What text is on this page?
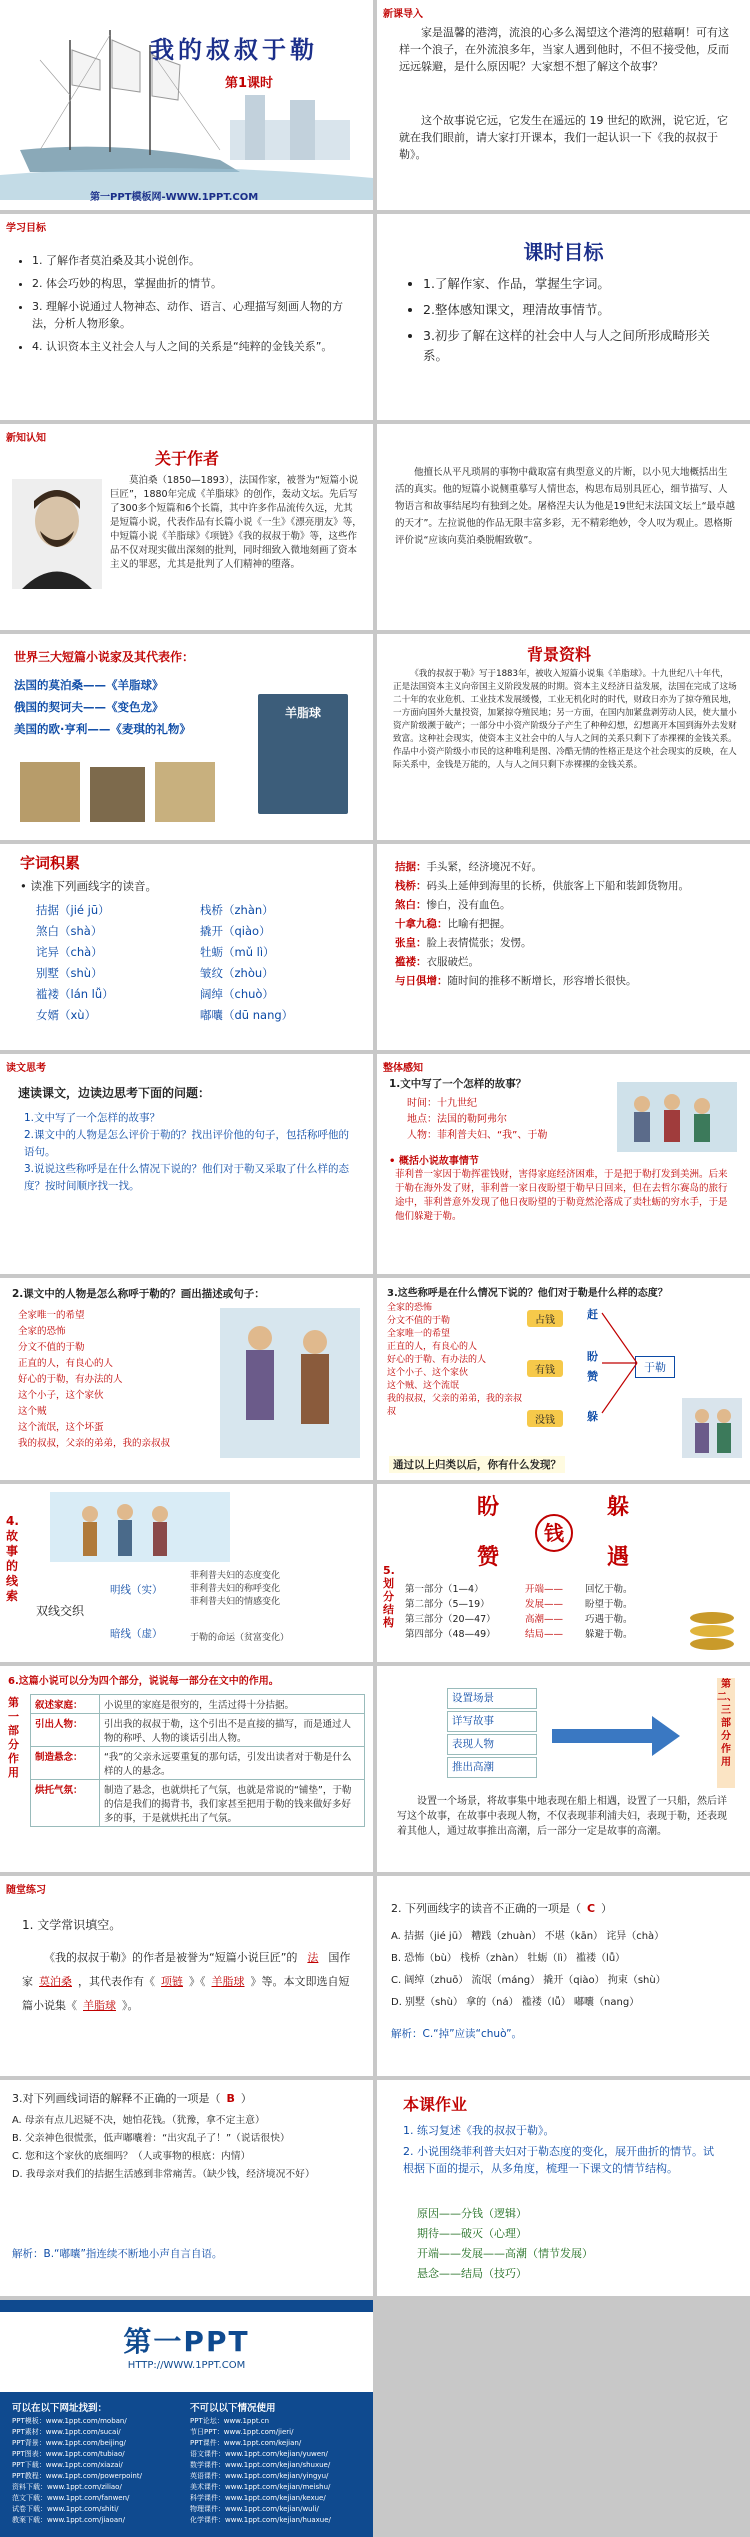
我的叔叔于勒
第1课时
第一PPT模板网-WWW.1PPT.COM
新课导入
家是温馨的港湾，流浪的心多么渴望这个港湾的慰藉啊！可有这样一个浪子，在外流浪多年，当家人遇到他时，不但不接受他，反而远远躲避，是什么原因呢？大家想不想了解这个故事？
这个故事说它远，它发生在遥远的 19 世纪的欧洲，说它近，它就在我们眼前，请大家打开课本，我们一起认识一下《我的叔叔于勒》。
学习目标
• 1. 了解作者莫泊桑及其小说创作。
• 2. 体会巧妙的构思，掌握曲折的情节。
• 3. 理解小说通过人物神态、动作、语言、心理描写刻画人物的方法，分析人物形象。
• 4. 认识资本主义社会人与人之间的关系是“纯粹的金钱关系”。
课时目标
• 1.了解作家、作品，掌握生字词。
• 2.整体感知课文，理清故事情节。
• 3.初步了解在这样的社会中人与人之间所形成畸形关系。
新知认知
关于作者
莫泊桑（1850—1893），法国作家，被誉为“短篇小说巨匠”，1880年完成《羊脂球》的创作，轰动文坛。先后写了300多个短篇和6个长篇，其中许多作品流传久远，尤其是短篇小说，代表作品有长篇小说《一生》《漂亮朋友》等，中短篇小说《羊脂球》《项链》《我的叔叔于勒》等，这些作品不仅对现实做出深刻的批判，同时细致入微地刻画了资本主义的罪恶，尤其是批判了人们精神的堕落。
他擅长从平凡琐屑的事物中截取富有典型意义的片断，以小见大地概括出生活的真实。他的短篇小说侧重摹写人情世态，构思布局别具匠心，细节描写、人物语言和故事结尾均有独到之处。屠格涅夫认为他是19世纪末法国文坛上“最卓越的天才”。左拉说他的作品无限丰富多彩，无不精彩绝妙，令人叹为观止。恩格斯评价说“应该向莫泊桑脱帽致敬”。
世界三大短篇小说家及其代表作：
法国的莫泊桑——《羊脂球》
俄国的契诃夫——《变色龙》
美国的欧·亨利——《麦琪的礼物》
羊脂球
背景资料
《我的叔叔于勒》写于1883年，被收入短篇小说集《羊脂球》。十九世纪八十年代，正是法国资本主义向帝国主义阶段发展的时期。资本主义经济日益发展，法国在完成了这场二十年的农业危机、工业技术发展缓慢，工业无机化时的时代，财政日亦为了掠夺殖民地，一方面向国外大量投资，加紧掠夺殖民地；另一方面，在国内加紧盘剥劳动人民，使大量小资产阶级濒于破产；一部分中小资产阶级分子产生了种种幻想，幻想离开本国到海外去发财致富。这种社会现实，使资本主义社会中的人与人之间的关系只剩下了赤裸裸的金钱关系。作品中小资产阶级小市民的这种唯利是图、冷酷无情的性格正是这个社会现实的反映，在人际关系中，金钱是万能的，人与人之间只剩下赤裸裸的金钱关系。
字词积累
• 读准下列画线字的读音。
拮据（jié jū）
煞白（shà）
诧异（chà）
别墅（shù）
褴褛（lán lǚ）
女婿（xù）
栈桥（zhàn）
撬开（qiào）
牡蛎（mǔ lì）
皱纹（zhòu）
阔绰（chuò）
嘟囔（dū nang）
拮据：手头紧，经济境况不好。
栈桥：码头上延伸到海里的长桥，供旅客上下船和装卸货物用。
煞白：惨白，没有血色。
十拿九稳：比喻有把握。
张皇：脸上表情慌张；发愣。
褴褛：衣服破烂。
与日俱增：随时间的推移不断增长，形容增长很快。
读文思考
速读课文，边读边思考下面的问题：
1.文中写了一个怎样的故事？
2.课文中的人物是怎么评价于勒的？找出评价他的句子，包括称呼他的语句。
3.说说这些称呼是在什么情况下说的？他们对于勒又采取了什么样的态度？按时间顺序找一找。
整体感知
1.文中写了一个怎样的故事？
时间：十九世纪
地点：法国的勒阿弗尔
人物：菲利普夫妇、“我”、于勒
• 概括小说故事情节
菲利普一家因于勒挥霍钱财，害得家庭经济困难，于是把于勒打发到美洲。后来于勒在海外发了财，菲利普一家日夜盼望于勒早日回来，但在去哲尔赛岛的旅行途中，菲利普意外发现了他日夜盼望的于勒竟然沦落成了卖牡蛎的穷水手，于是他们躲避于勒。
2.课文中的人物是怎么称呼于勒的？画出描述或句子：
全家唯一的希望
全家的恐怖
分文不值的于勒
正直的人，有良心的人
好心的于勒，有办法的人
这个小子，这个家伙
这个贼
这个流氓，这个坏蛋
我的叔叔，父亲的弟弟，我的亲叔叔
3.这些称呼是在什么情况下说的？他们对于勒是什么样的态度？
全家的恐怖
分文不值的于勒
全家唯一的希望
正直的人，有良心的人
好心的于勒、有办法的人
这个小子、这个家伙
这个贼、这个流氓
我的叔叔，父亲的弟弟，我的亲叔叔
占钱
有钱
没钱
赶
盼
赞
躲
于勒
通过以上归类以后，你有什么发现？
4.故事的线索
双线交织
明线（实）
暗线（虚）
菲利普夫妇的态度变化
菲利普夫妇的称呼变化
菲利普夫妇的情感变化
于勒的命运（贫富变化）
盼	躲
钱
赞	遇
5.划分结构
第一部分（1—4）	开端——	回忆于勒。
第二部分（5—19）	发展——	盼望于勒。
第三部分（20—47）	高潮——	巧遇于勒。
第四部分（48—49）	结局——	躲避于勒。
6.这篇小说可以分为四个部分，说说每一部分在文中的作用。
第一部分作用
叙述家庭：	小说里的家庭是很穷的，生活过得十分拮据。
引出人物：	引出我的叔叔于勒，这个引出不是直接的描写，而是通过人物的称呼、人物的谈话引出人物。
制造悬念：	“我”的父亲永远要重复的那句话，引发出读者对于勒是什么样的人的悬念。
烘托气氛：	制造了悬念，也就烘托了气氛，也就是常说的“铺垫”，于勒的信是我们的揭背书，我们家甚至把用于勒的钱来做好多好多的事，于是就烘托出了气氛。
设置场景
详写故事
表现人物
推出高潮
第二、三部分作用
设置一个场景，将故事集中地表现在船上相遇，设置了一只船，然后详写这个故事，在故事中表现人物，不仅表现菲利浦夫妇，表现于勒，还表现着其他人，通过故事推出高潮，后一部分一定是故事的高潮。
随堂练习
1. 文学常识填空。
《我的叔叔于勒》的作者是被誉为“短篇小说巨匠”的 法 国作家 莫泊桑 ，其代表作有《 项链 》《 羊脂球 》等。本文即选自短篇小说集《 羊脂球 》。
2. 下列画线字的读音不正确的一项是（ C ）
A. 拮据（jié jū） 糟践（zhuàn） 不堪（kān） 诧异（chà）
B. 恐怖（bù） 栈桥（zhàn） 牡蛎（lì） 褴褛（lǚ）
C. 阔绰（zhuō） 流氓（máng） 撬开（qiào） 拘束（shù）
D. 别墅（shù） 拿的（ná） 褴褛（lǚ） 嘟囔（nang）
解析：C.“掉”应读“chuò”。
3.对下列画线词语的解释不正确的一项是（ B ）
A. 母亲有点儿迟疑不决，她怕花钱。（犹豫，拿不定主意）
B. 父亲神色很慌张，低声嘟囔着：“出灾乱子了！”（说话很快）
C. 您和这个家伙的底细吗？（人或事物的根底：内情）
D. 我母亲对我们的拮据生活感到非常痛苦。（缺少钱，经济境况不好）
解析：B.“嘟囔”指连续不断地小声自言自语。
本课作业
1. 练习复述《我的叔叔于勒》。
2. 小说围绕菲利普夫妇对于勒态度的变化，展开曲折的情节。试根据下面的提示，从多角度，梳理一下课文的情节结构。
原因——分钱（逻辑）
期待——破灭（心理）
开端——发展——高潮（情节发展）
悬念——结局（技巧）
第一PPT
HTTP://WWW.1PPT.COM
可以在以下网址找到：
PPT模板：www.1ppt.com/moban/
PPT素材：www.1ppt.com/sucai/
PPT背景：www.1ppt.com/beijing/
PPT图表：www.1ppt.com/tubiao/
PPT下载：www.1ppt.com/xiazai/
PPT教程：www.1ppt.com/powerpoint/
资料下载：www.1ppt.com/ziliao/
范文下载：www.1ppt.com/fanwen/
试卷下载：www.1ppt.com/shiti/
教案下载：www.1ppt.com/jiaoan/
不可以以下情况使用
PPT论坛：www.1ppt.cn
节日PPT：www.1ppt.com/jieri/
PPT课件：www.1ppt.com/kejian/
语文课件：www.1ppt.com/kejian/yuwen/
数学课件：www.1ppt.com/kejian/shuxue/
英语课件：www.1ppt.com/kejian/yingyu/
美术课件：www.1ppt.com/kejian/meishu/
科学课件：www.1ppt.com/kejian/kexue/
物理课件：www.1ppt.com/kejian/wuli/
化学课件：www.1ppt.com/kejian/huaxue/
